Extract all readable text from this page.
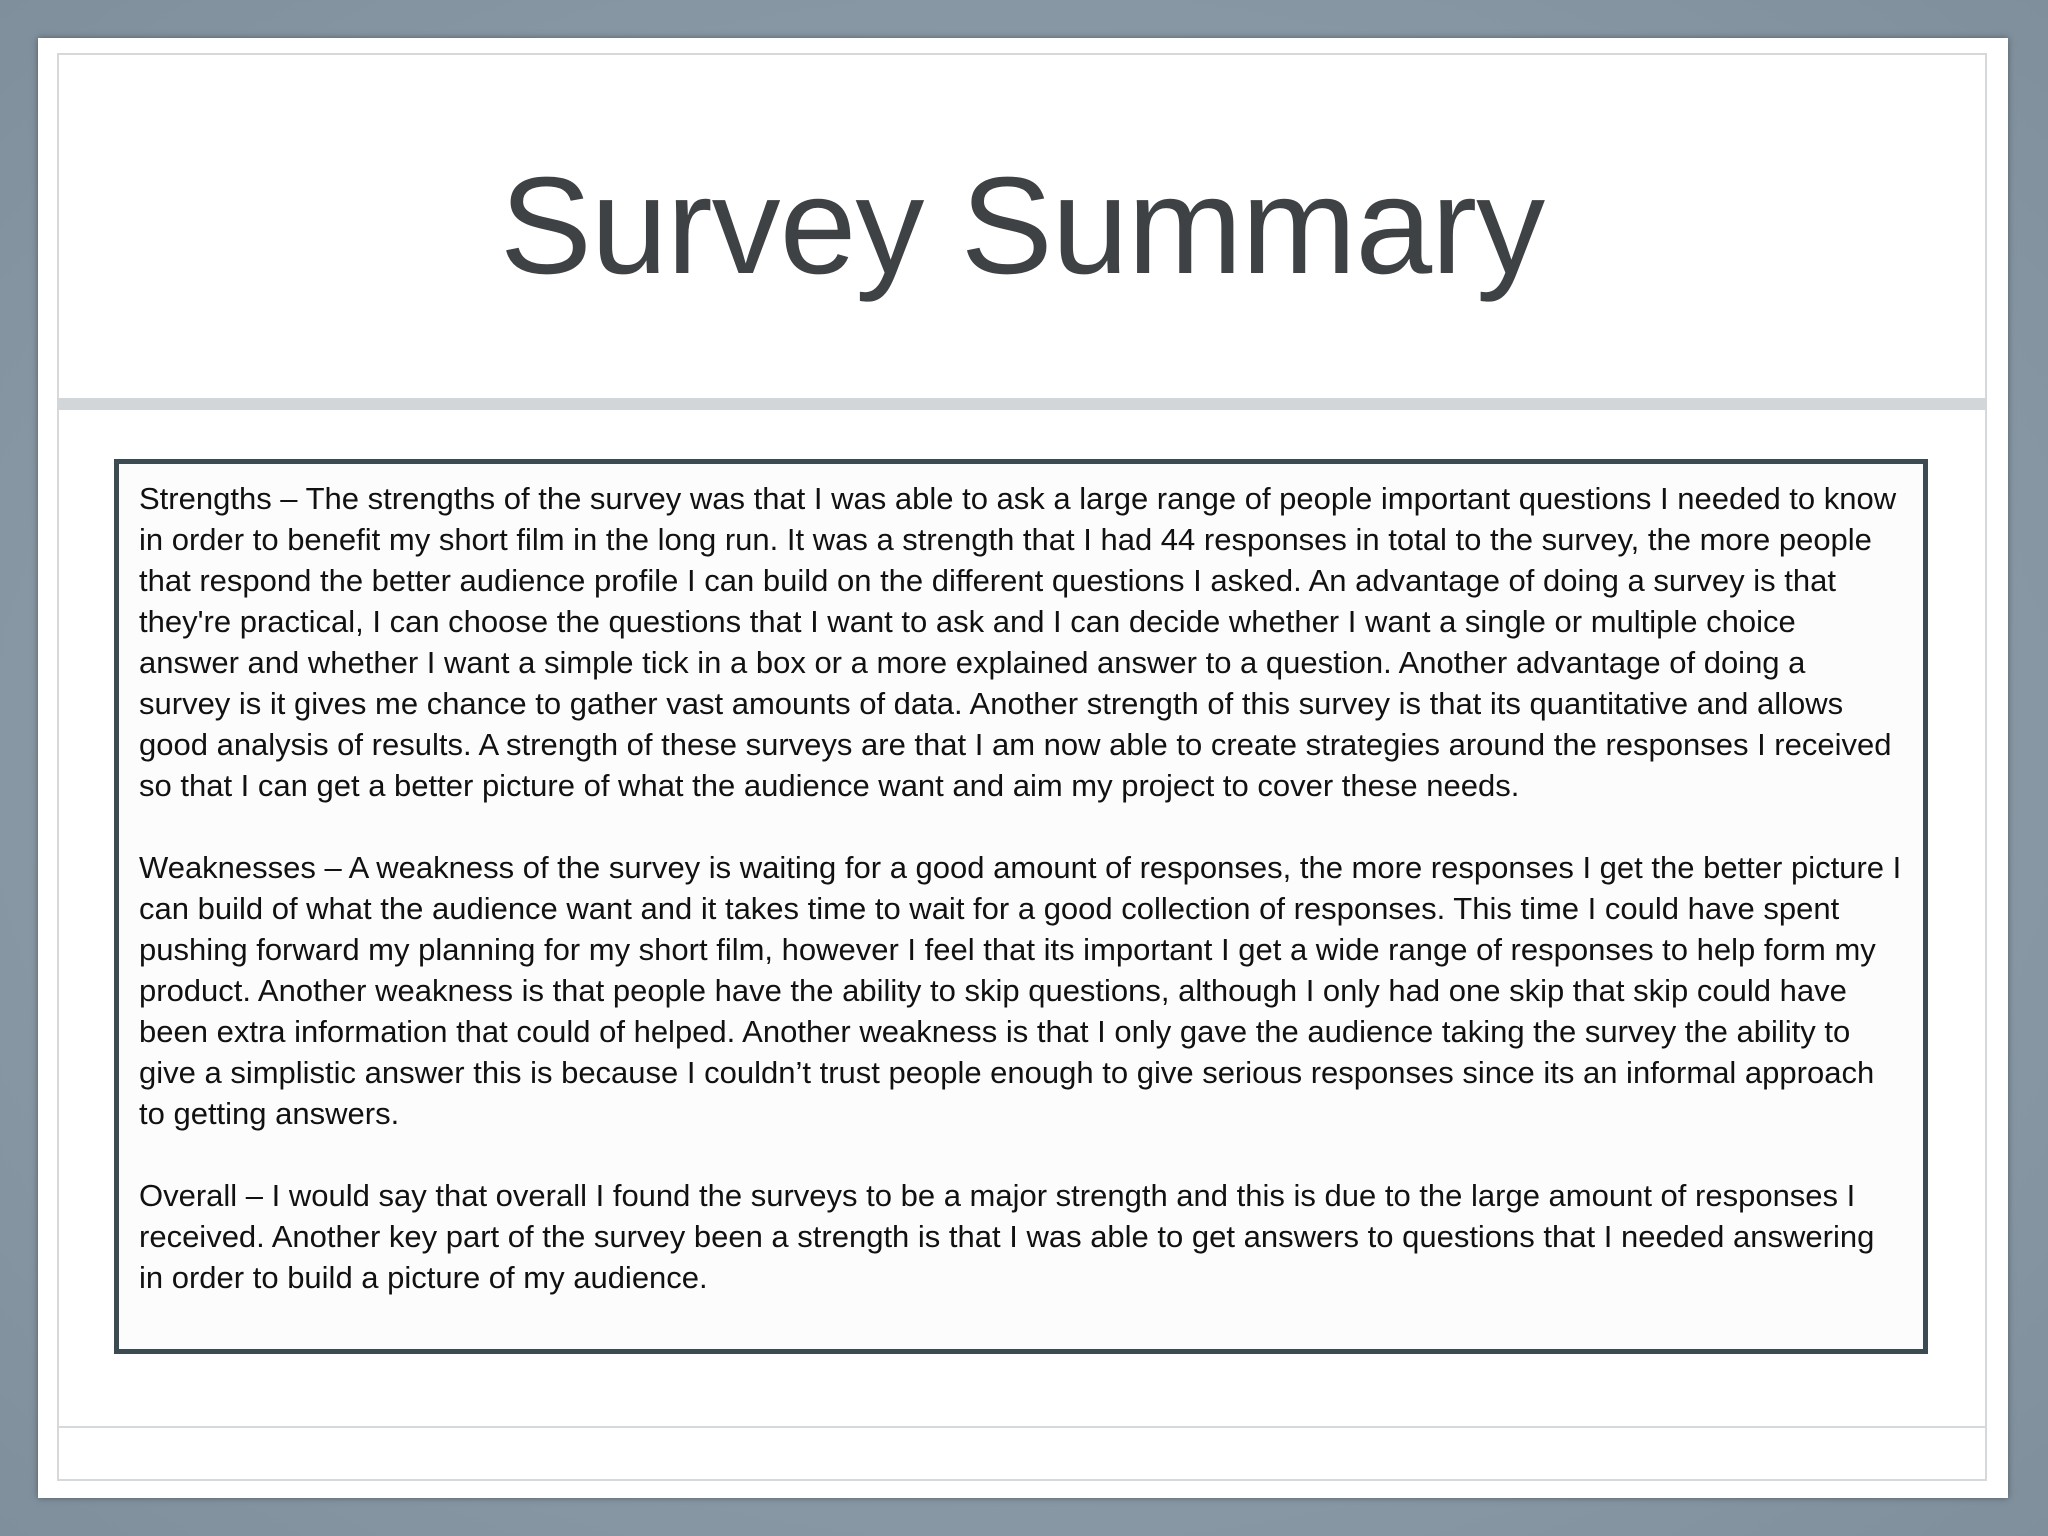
Survey Summary

Strengths – The strengths of the survey was that I was able to ask a large range of people important questions I needed to know in order to benefit my short film in the long run. It was a strength that I had 44 responses in total to the survey, the more people that respond the better audience profile I can build on the different questions I asked. An advantage of doing a survey is that they're practical, I can choose the questions that I want to ask and I can decide whether I want a single or multiple choice answer and whether I want a simple tick in a box or a more explained answer to a question. Another advantage of doing a survey is it gives me chance to gather vast amounts of data. Another strength of this survey is that its quantitative and allows good analysis of results. A strength of these surveys are that I am now able to create strategies around the responses I received so that I can get a better picture of what the audience want and aim my project to cover these needs.

Weaknesses – A weakness of the survey is waiting for a good amount of responses, the more responses I get the better picture I can build of what the audience want and it takes time to wait for a good collection of responses. This time I could have spent pushing forward my planning for my short film, however I feel that its important I get a wide range of responses to help form my product. Another weakness is that people have the ability to skip questions, although I only had one skip that skip could have been extra information that could of helped. Another weakness is that I only gave the audience taking the survey the ability to give a simplistic answer this is because I couldn’t trust people enough to give serious responses since its an informal approach to getting answers.

Overall – I would say that overall I found the surveys to be a major strength and this is due to the large amount of responses I received. Another key part of the survey been a strength is that I was able to get answers to questions that I needed answering in order to build a picture of my audience.
